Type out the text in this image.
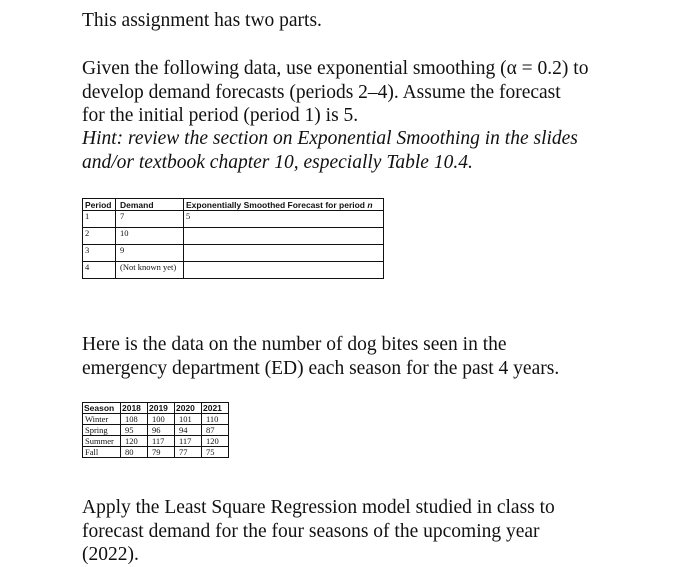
This assignment has two parts.

Given the following data, use exponential smoothing (α = 0.2) to
develop demand forecasts (periods 2–4). Assume the forecast
for the initial period (period 1) is 5.

Hint: review the section on Exponential Smoothing in the slides
and/or textbook chapter 10, especially Table 10.4.

Period	Demand	Exponentially Smoothed Forecast for period n
1	7	5
2	10	
3	9	
4	(Not known yet)	

Here is the data on the number of dog bites seen in the
emergency department (ED) each season for the past 4 years.

Season	2018	2019	2020	2021
Winter	108	100	101	110
Spring	95	96	94	87
Summer	120	117	117	120
Fall	80	79	77	75

Apply the Least Square Regression model studied in class to
forecast demand for the four seasons of the upcoming year
(2022).
